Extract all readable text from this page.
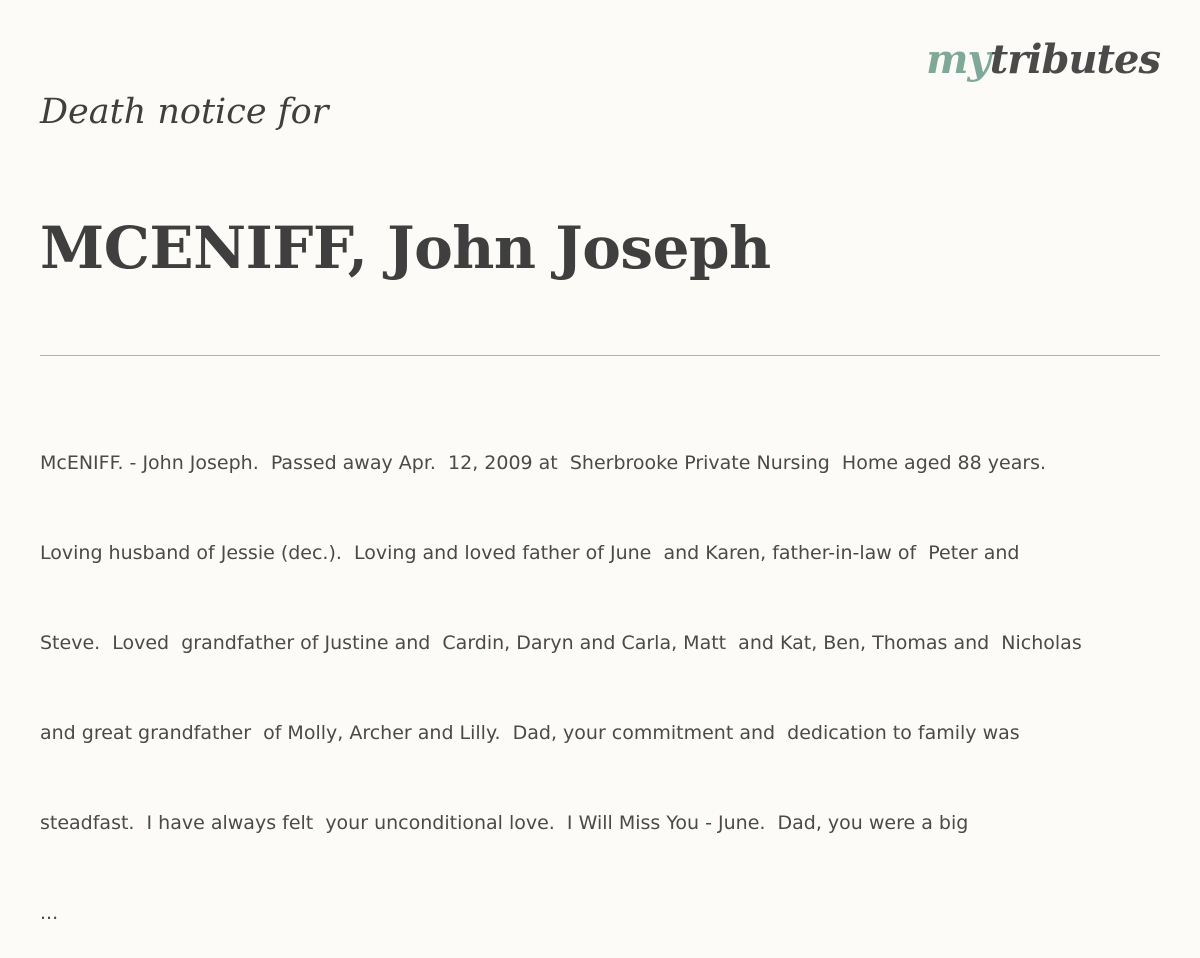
mytributes
Death notice for
MCENIFF, John Joseph

McENIFF. - John Joseph.  Passed away Apr.  12, 2009 at  Sherbrooke Private Nursing  Home aged 88 years.

Loving husband of Jessie (dec.).  Loving and loved father of June  and Karen, father-in-law of  Peter and

Steve.  Loved  grandfather of Justine and  Cardin, Daryn and Carla, Matt  and Kat, Ben, Thomas and  Nicholas

and great grandfather  of Molly, Archer and Lilly.  Dad, your commitment and  dedication to family was

steadfast.  I have always felt  your unconditional love.  I Will Miss You - June.  Dad, you were a big

...
